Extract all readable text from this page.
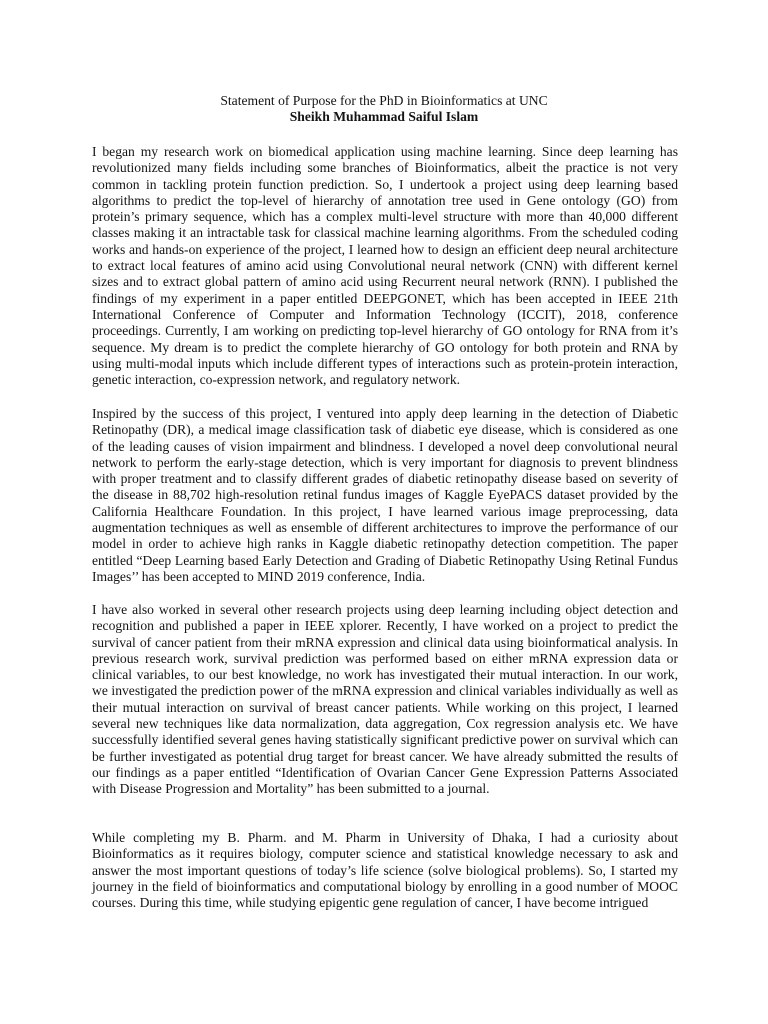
Statement of Purpose for the PhD in Bioinformatics at UNC
Sheikh Muhammad Saiful Islam

I began my research work on biomedical application using machine learning. Since deep learning has revolutionized many fields including some branches of Bioinformatics, albeit the practice is not very common in tackling protein function prediction. So, I undertook a project using deep learning based algorithms to predict the top-level of hierarchy of annotation tree used in Gene ontology (GO) from protein’s primary sequence, which has a complex multi-level structure with more than 40,000 different classes making it an intractable task for classical machine learning algorithms. From the scheduled coding works and hands-on experience of the project, I learned how to design an efficient deep neural architecture to extract local features of amino acid using Convolutional neural network (CNN) with different kernel sizes and to extract global pattern of amino acid using Recurrent neural network (RNN). I published the findings of my experiment in a paper entitled DEEPGONET, which has been accepted in IEEE 21th International Conference of Computer and Information Technology (ICCIT), 2018, conference proceedings. Currently, I am working on predicting top-level hierarchy of GO ontology for RNA from it’s sequence. My dream is to predict the complete hierarchy of GO ontology for both protein and RNA by using multi-modal inputs which include different types of interactions such as protein-protein interaction, genetic interaction, co-expression network, and regulatory network.

Inspired by the success of this project, I ventured into apply deep learning in the detection of Diabetic Retinopathy (DR), a medical image classification task of diabetic eye disease, which is considered as one of the leading causes of vision impairment and blindness. I developed a novel deep convolutional neural network to perform the early-stage detection, which is very important for diagnosis to prevent blindness with proper treatment and to classify different grades of diabetic retinopathy disease based on severity of the disease in 88,702 high-resolution retinal fundus images of Kaggle EyePACS dataset provided by the California Healthcare Foundation. In this project, I have learned various image preprocessing, data augmentation techniques as well as ensemble of different architectures to improve the performance of our model in order to achieve high ranks in Kaggle diabetic retinopathy detection competition. The paper entitled “Deep Learning based Early Detection and Grading of Diabetic Retinopathy Using Retinal Fundus Images’’ has been accepted to MIND 2019 conference, India.

I have also worked in several other research projects using deep learning including object detection and recognition and published a paper in IEEE xplorer. Recently, I have worked on a project to predict the survival of cancer patient from their mRNA expression and clinical data using bioinformatical analysis. In previous research work, survival prediction was performed based on either mRNA expression data or clinical variables, to our best knowledge, no work has investigated their mutual interaction. In our work, we investigated the prediction power of the mRNA expression and clinical variables individually as well as their mutual interaction on survival of breast cancer patients. While working on this project, I learned several new techniques like data normalization, data aggregation, Cox regression analysis etc. We have successfully identified several genes having statistically significant predictive power on survival which can be further investigated as potential drug target for breast cancer. We have already submitted the results of our findings as a paper entitled “Identification of Ovarian Cancer Gene Expression Patterns Associated with Disease Progression and Mortality” has been submitted to a journal.

While completing my B. Pharm. and M. Pharm in University of Dhaka, I had a curiosity about Bioinformatics as it requires biology, computer science and statistical knowledge necessary to ask and answer the most important questions of today’s life science (solve biological problems). So, I started my journey in the field of bioinformatics and computational biology by enrolling in a good number of MOOC courses. During this time, while studying epigentic gene regulation of cancer, I have become intrigued
